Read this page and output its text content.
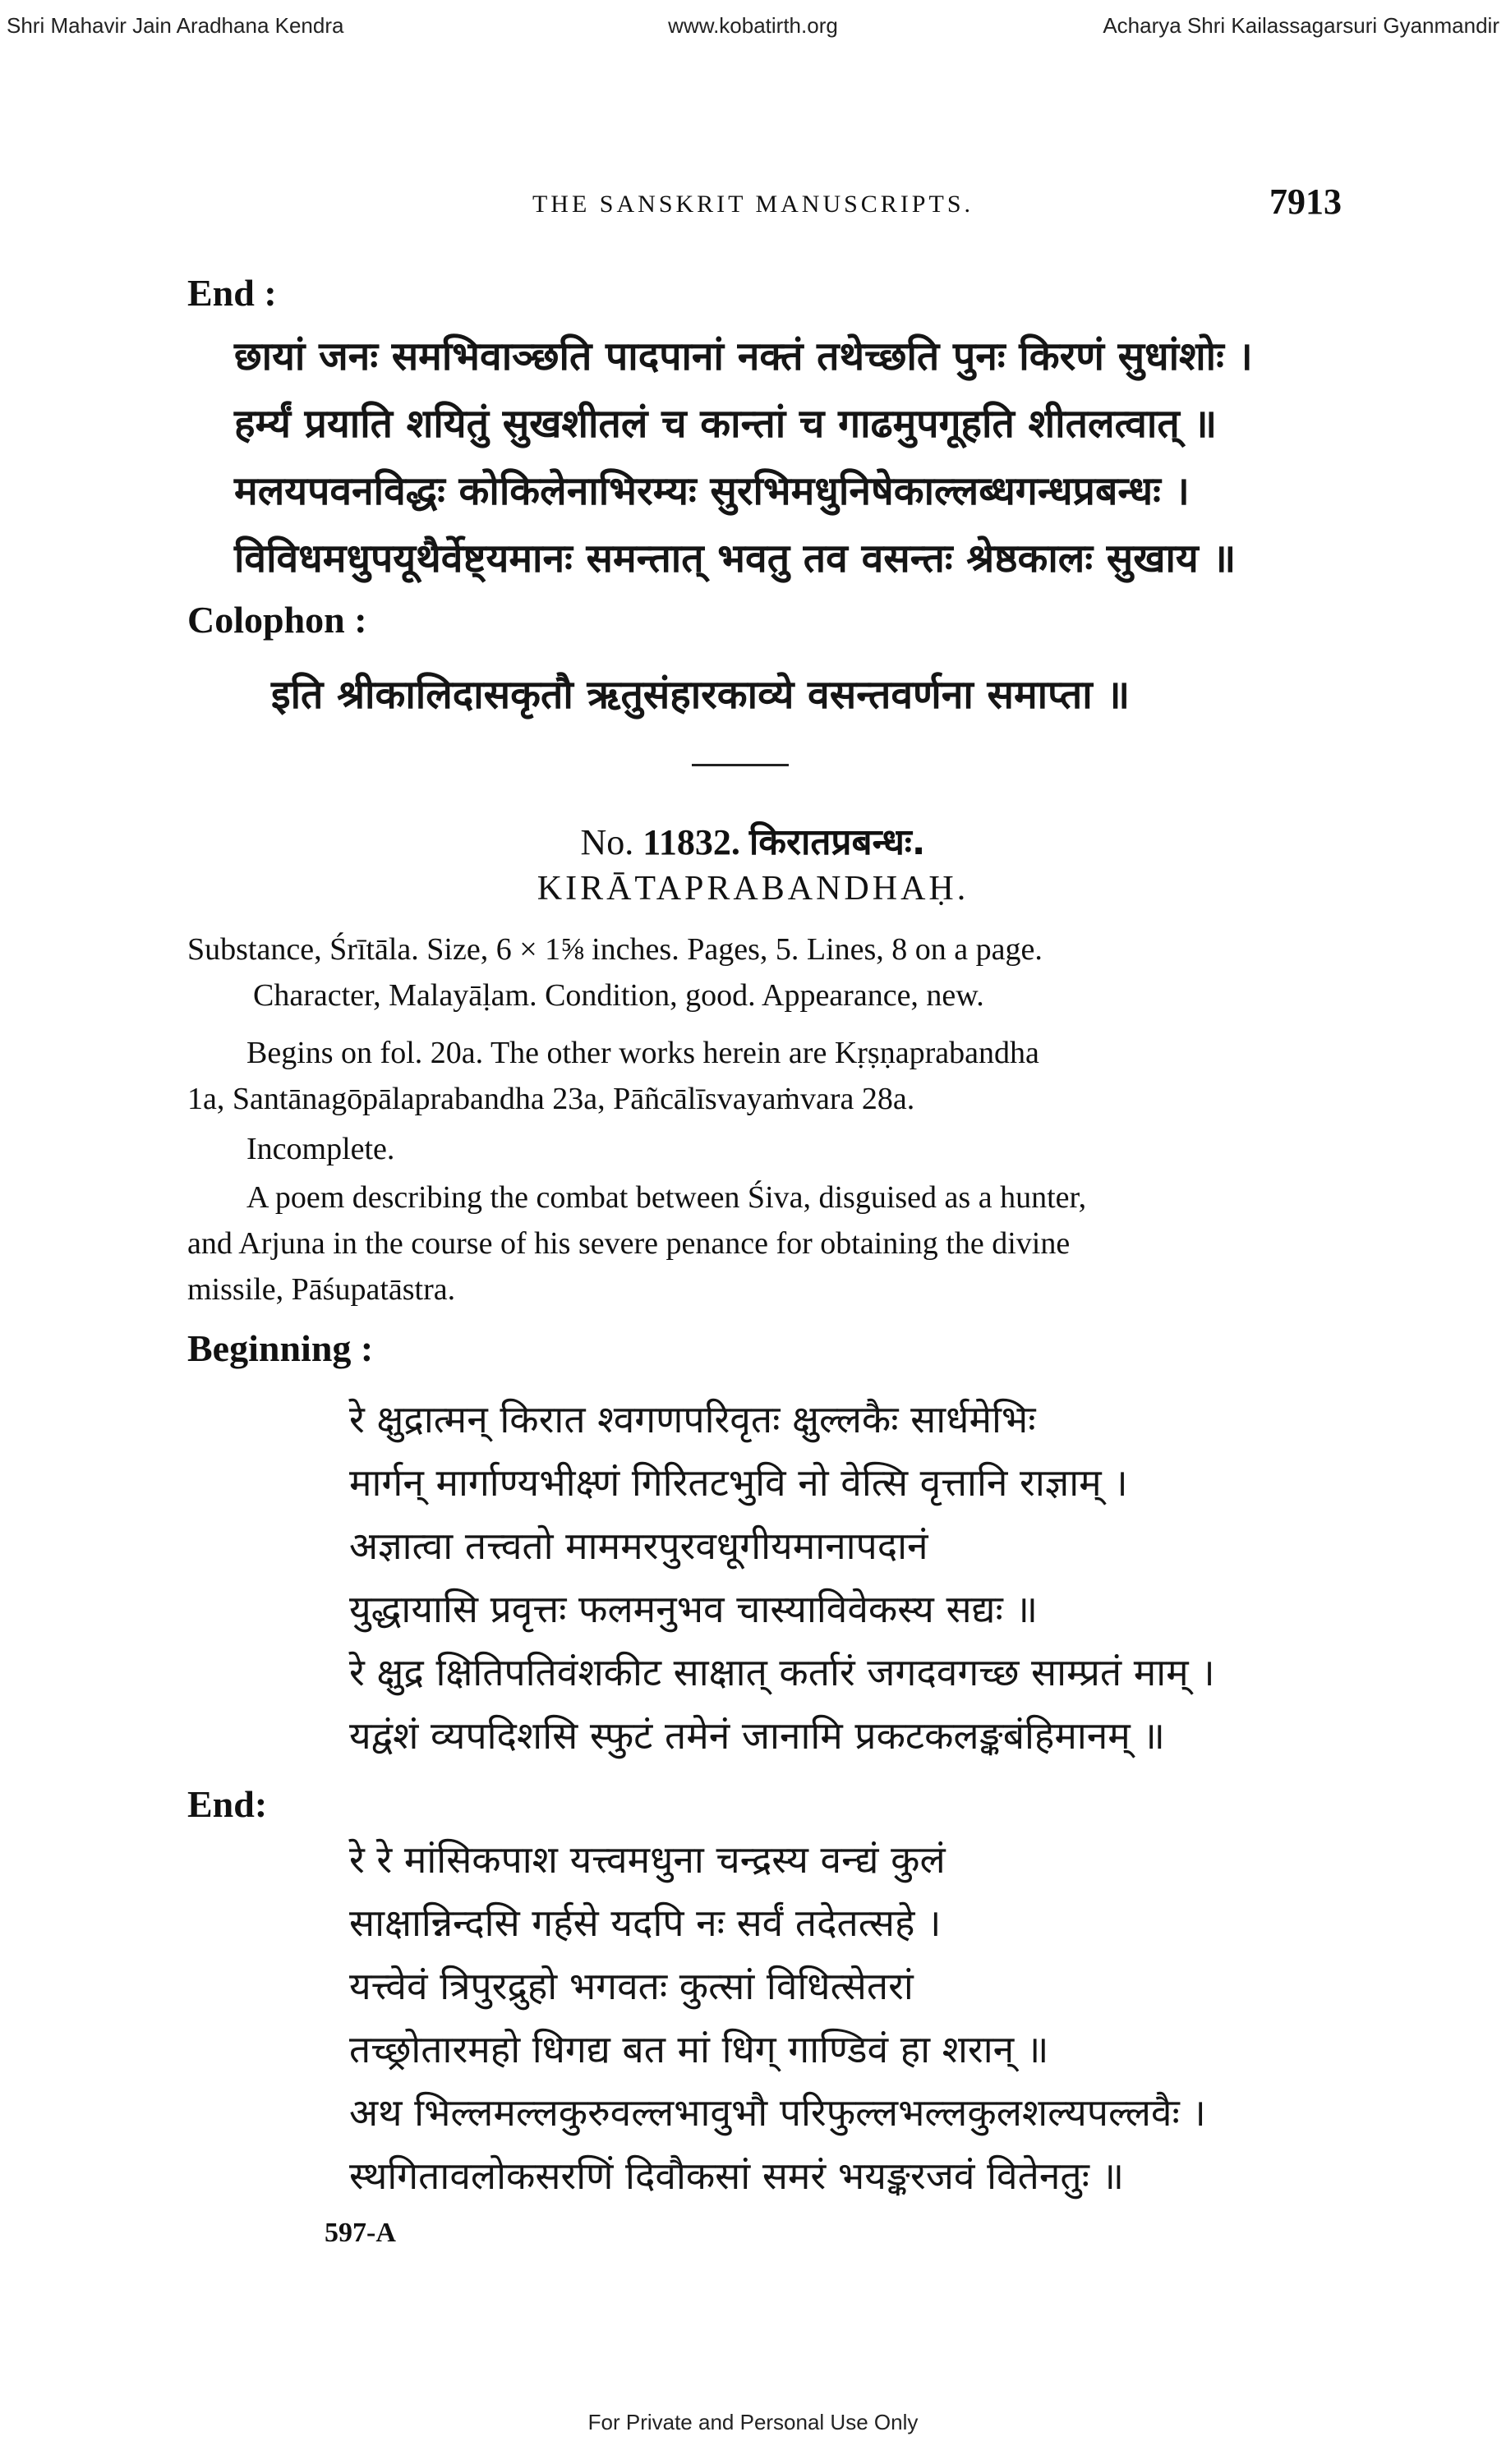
Shri Mahavir Jain Aradhana Kendra	www.kobatirth.org	Acharya Shri Kailassagarsuri Gyanmandir
THE SANSKRIT MANUSCRIPTS.	7913
End :
छायां जनः समभिवाञ्छति पादपानां नक्तं तथेच्छति पुनः किरणं सुधांशोः ।
हर्म्यं प्रयाति शयितुं सुखशीतलं च कान्तां च गाढमुपगूहति शीतलत्वात् ॥
मलयपवनविद्धः कोकिलेनाभिरम्यः सुरभिमधुनिषेकाल्लब्धगन्धप्रबन्धः ।
विविधमधुपयूथैर्वेष्ट्यमानः समन्तात् भवतु तव वसन्तः श्रेष्ठकालः सुखाय ॥
Colophon :
इति श्रीकालिदासकृतौ ऋतुसंहारकाव्ये वसन्तवर्णना समाप्ता ॥
No. 11832. किरातप्रबन्धः.
KIRĀTAPRABANDHAḤ.
Substance, Śrītāla. Size, 6 × 1⅝ inches. Pages, 5. Lines, 8 on a page.
Character, Malayāḷam. Condition, good. Appearance, new.
Begins on fol. 20a. The other works herein are Kṛṣṇaprabandha
1a, Santānagōpālaprabandha 23a, Pāñcālīsvayaṁvara 28a.
Incomplete.
A poem describing the combat between Śiva, disguised as a hunter,
and Arjuna in the course of his severe penance for obtaining the divine
missile, Pāśupatāstra.
Beginning :
रे क्षुद्रात्मन् किरात श्वगणपरिवृतः क्षुल्लकैः सार्धमेभिः
मार्गन् मार्गाण्यभीक्ष्णं गिरितटभुवि नो वेत्सि वृत्तानि राज्ञाम् ।
अज्ञात्वा तत्त्वतो माममरपुरवधूगीयमानापदानं
युद्धायासि प्रवृत्तः फलमनुभव चास्याविवेकस्य सद्यः ॥
रे क्षुद्र क्षितिपतिवंशकीट साक्षात् कर्तारं जगदवगच्छ साम्प्रतं माम् ।
यद्वंशं व्यपदिशसि स्फुटं तमेनं जानामि प्रकटकलङ्कबंहिमानम् ॥
End:
रे रे मांसिकपाश यत्त्वमधुना चन्द्रस्य वन्द्यं कुलं
साक्षान्निन्दसि गर्हसे यदपि नः सर्वं तदेतत्सहे ।
यत्त्वेवं त्रिपुरद्रुहो भगवतः कुत्सां विधित्सेतरां
तच्छ्रोतारमहो धिगद्य बत मां धिग् गाण्डिवं हा शरान् ॥
अथ भिल्लमल्लकुरुवल्लभावुभौ परिफुल्लभल्लकुलशल्यपल्लवैः ।
स्थगितावलोकसरणिं दिवौकसां समरं भयङ्करजवं वितेनतुः ॥
597-A
For Private and Personal Use Only
